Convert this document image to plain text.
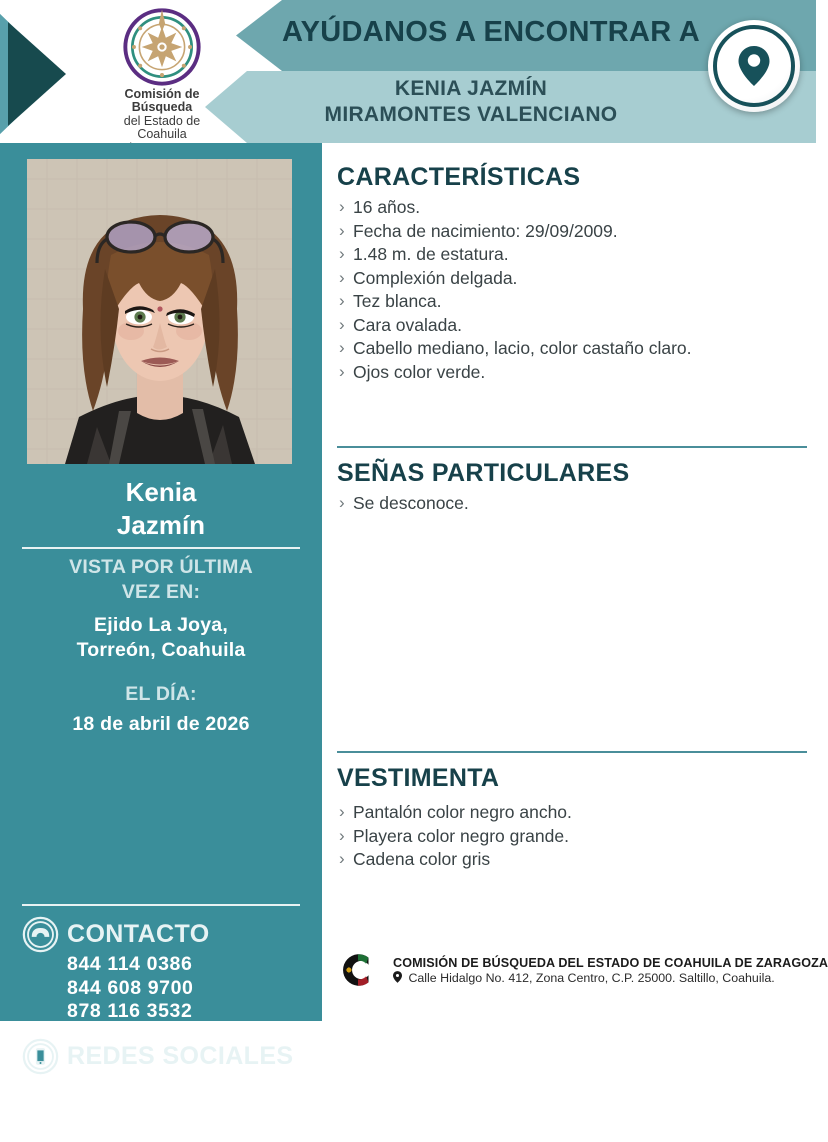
AYÚDANOS A ENCONTRAR A
KENIA JAZMÍN
MIRAMONTES VALENCIANO
Comisión de Búsqueda
del Estado de Coahuila
Kenia
Jazmín
VISTA POR ÚLTIMA
VEZ EN:
Ejido La Joya,
Torreón, Coahuila
EL DÍA:
18 de abril de 2026
CONTACTO
844 114 0386
844 608 9700
878 116 3532
871 235 7199
REDES SOCIALES
f COMISIONBECOAHUILA
Comisiondebusqueda
@cbecoahuila
CARACTERÍSTICAS
› 16 años.
› Fecha de nacimiento: 29/09/2009.
› 1.48 m. de estatura.
› Complexión delgada.
› Tez blanca.
› Cara ovalada.
› Cabello mediano, lacio, color castaño claro.
› Ojos color verde.
SEÑAS PARTICULARES
› Se desconoce.
VESTIMENTA
› Pantalón color negro ancho.
› Playera color negro grande.
› Cadena color gris
COMISIÓN DE BÚSQUEDA DEL ESTADO DE COAHUILA DE ZARAGOZA
Calle Hidalgo No. 412, Zona Centro, C.P. 25000. Saltillo, Coahuila.
